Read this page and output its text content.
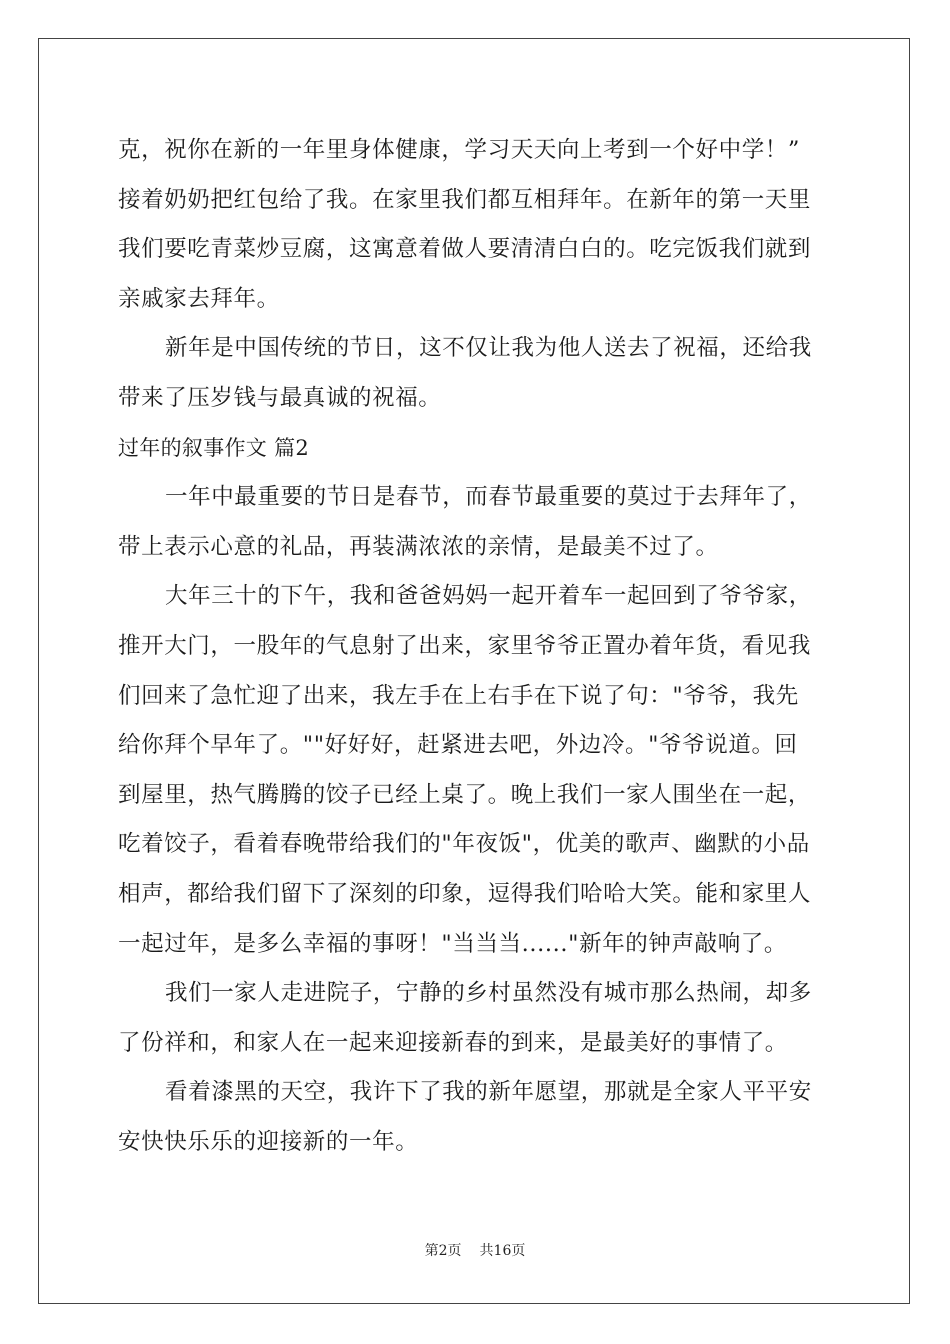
克，祝你在新的一年里身体健康，学习天天向上考到一个好中学！”
接着奶奶把红包给了我。在家里我们都互相拜年。在新年的第一天里
我们要吃青菜炒豆腐，这寓意着做人要清清白白的。吃完饭我们就到
亲戚家去拜年。
新年是中国传统的节日，这不仅让我为他人送去了祝福，还给我
带来了压岁钱与最真诚的祝福。
过年的叙事作文 篇2
一年中最重要的节日是春节，而春节最重要的莫过于去拜年了，
带上表示心意的礼品，再装满浓浓的亲情，是最美不过了。
大年三十的下午，我和爸爸妈妈一起开着车一起回到了爷爷家，
推开大门，一股年的气息射了出来，家里爷爷正置办着年货，看见我
们回来了急忙迎了出来，我左手在上右手在下说了句："爷爷，我先
给你拜个早年了。""好好好，赶紧进去吧，外边冷。"爷爷说道。回
到屋里，热气腾腾的饺子已经上桌了。晚上我们一家人围坐在一起，
吃着饺子，看着春晚带给我们的"年夜饭"，优美的歌声、幽默的小品
相声，都给我们留下了深刻的印象，逗得我们哈哈大笑。能和家里人
一起过年，是多么幸福的事呀！"当当当......"新年的钟声敲响了。
我们一家人走进院子，宁静的乡村虽然没有城市那么热闹，却多
了份祥和，和家人在一起来迎接新春的到来，是最美好的事情了。
看着漆黑的天空，我许下了我的新年愿望，那就是全家人平平安
安快快乐乐的迎接新的一年。
第2页 共16页
